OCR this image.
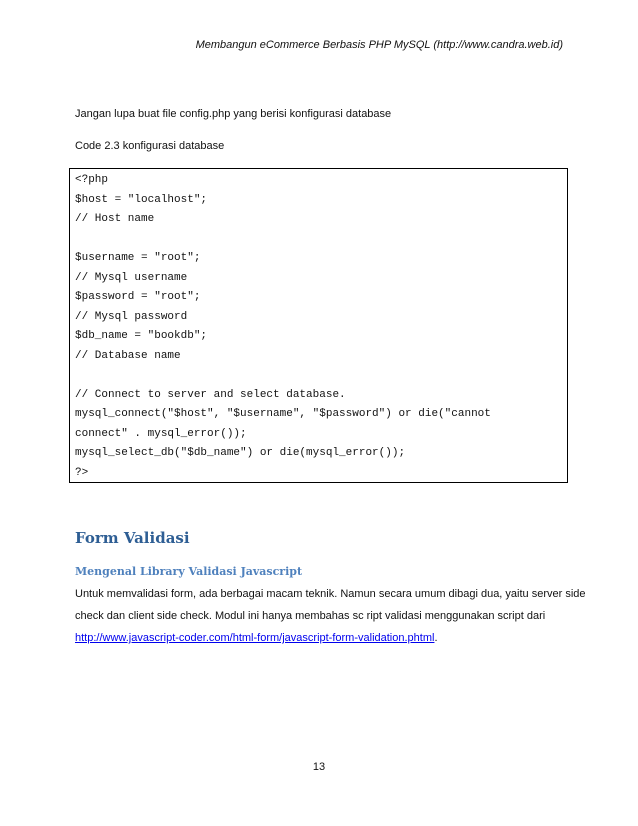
Membangun eCommerce Berbasis PHP MySQL (http://www.candra.web.id)
Jangan lupa buat file config.php yang berisi konfigurasi database
Code 2.3 konfigurasi database
<?php
$host = "localhost";
// Host name
$username = "root";
// Mysql username
$password = "root";
// Mysql password
$db_name = "bookdb";
// Database name
// Connect to server and select database.
mysql_connect("$host", "$username", "$password") or die("cannot
connect" . mysql_error());
mysql_select_db("$db_name") or die(mysql_error());
?>
Form Validasi
Mengenal Library Validasi Javascript
Untuk memvalidasi form, ada berbagai macam teknik. Namun secara umum dibagi dua, yaitu server side
check dan client side check. Modul ini hanya membahas sc ript validasi menggunakan script dari
http://www.javascript-coder.com/html-form/javascript-form-validation.phtml.
13
